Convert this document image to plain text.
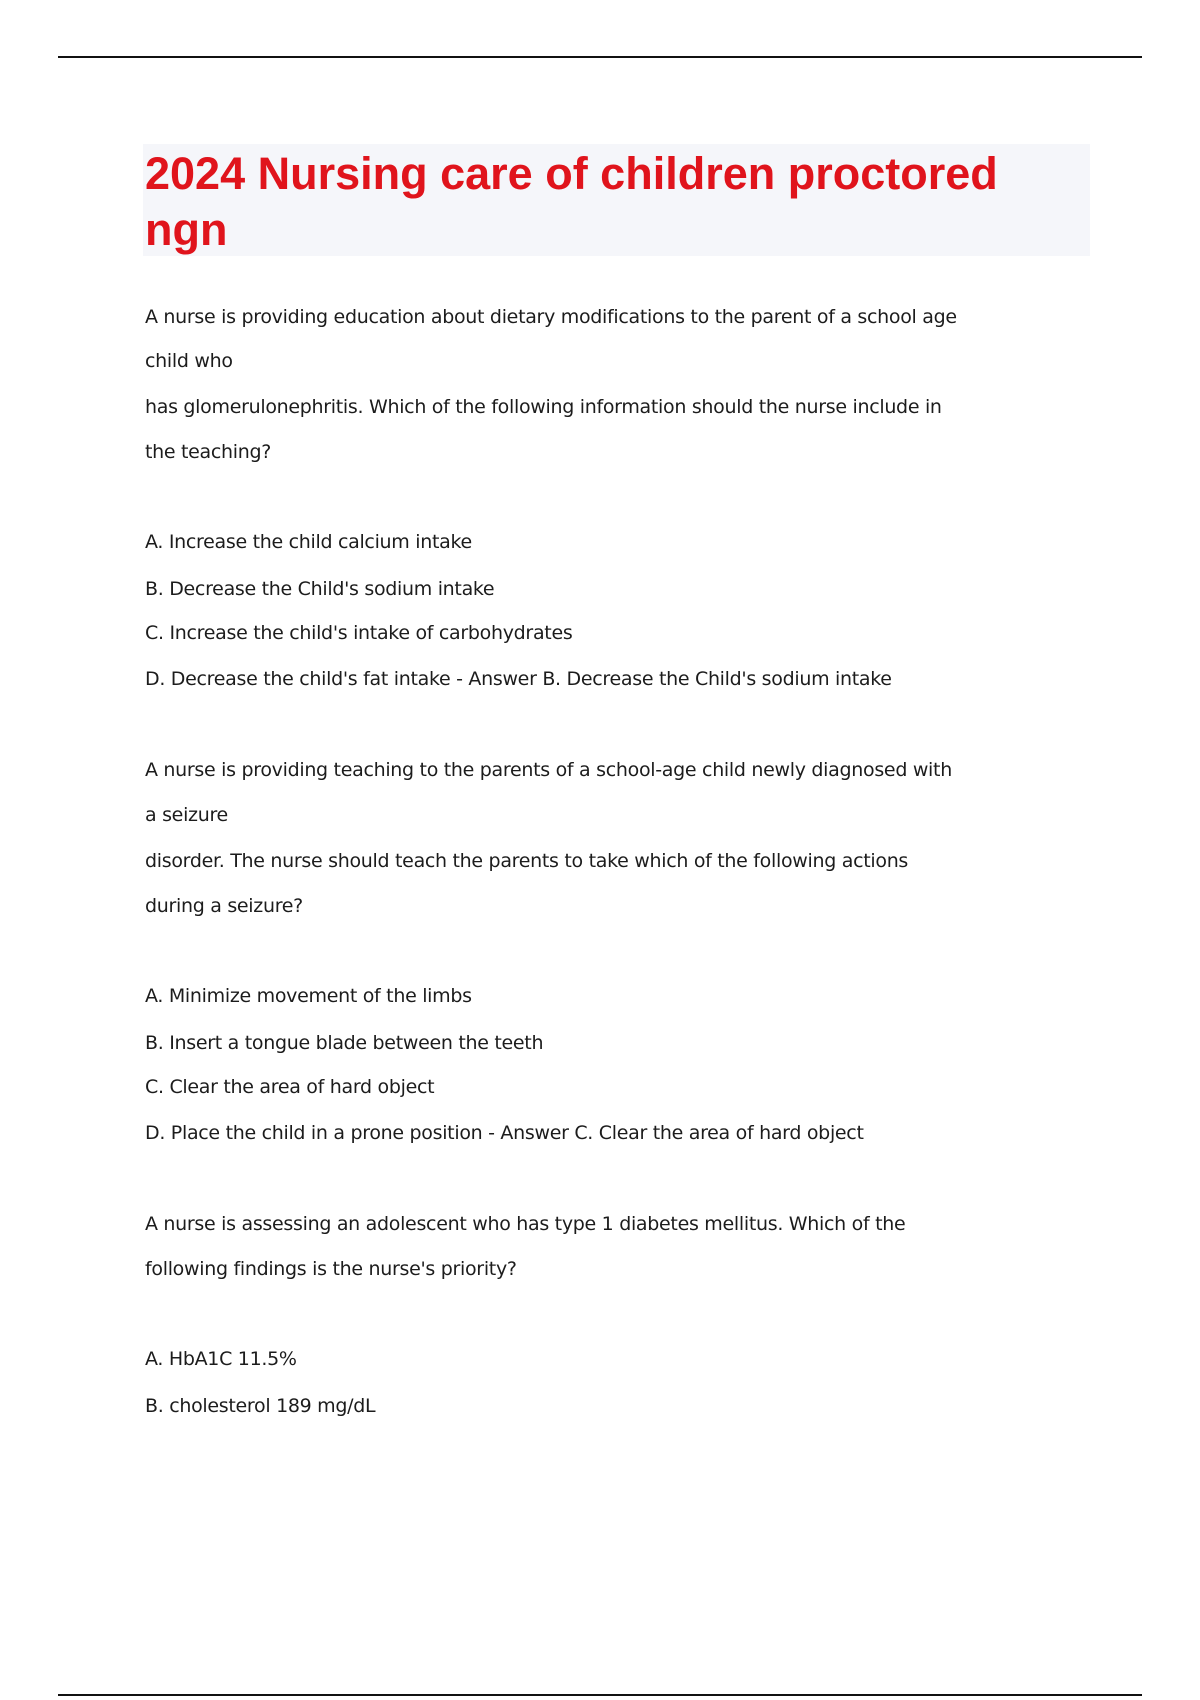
2024 Nursing care of children proctored ngn

A nurse is providing education about dietary modifications to the parent of a school age

child who

has glomerulonephritis. Which of the following information should the nurse include in

the teaching?

A. Increase the child calcium intake

B. Decrease the Child's sodium intake

C. Increase the child's intake of carbohydrates

D. Decrease the child's fat intake - Answer B. Decrease the Child's sodium intake

A nurse is providing teaching to the parents of a school-age child newly diagnosed with

a seizure

disorder. The nurse should teach the parents to take which of the following actions

during a seizure?

A. Minimize movement of the limbs

B. Insert a tongue blade between the teeth

C. Clear the area of hard object

D. Place the child in a prone position - Answer C. Clear the area of hard object

A nurse is assessing an adolescent who has type 1 diabetes mellitus. Which of the

following findings is the nurse's priority?

A. HbA1C 11.5%

B. cholesterol 189 mg/dL
